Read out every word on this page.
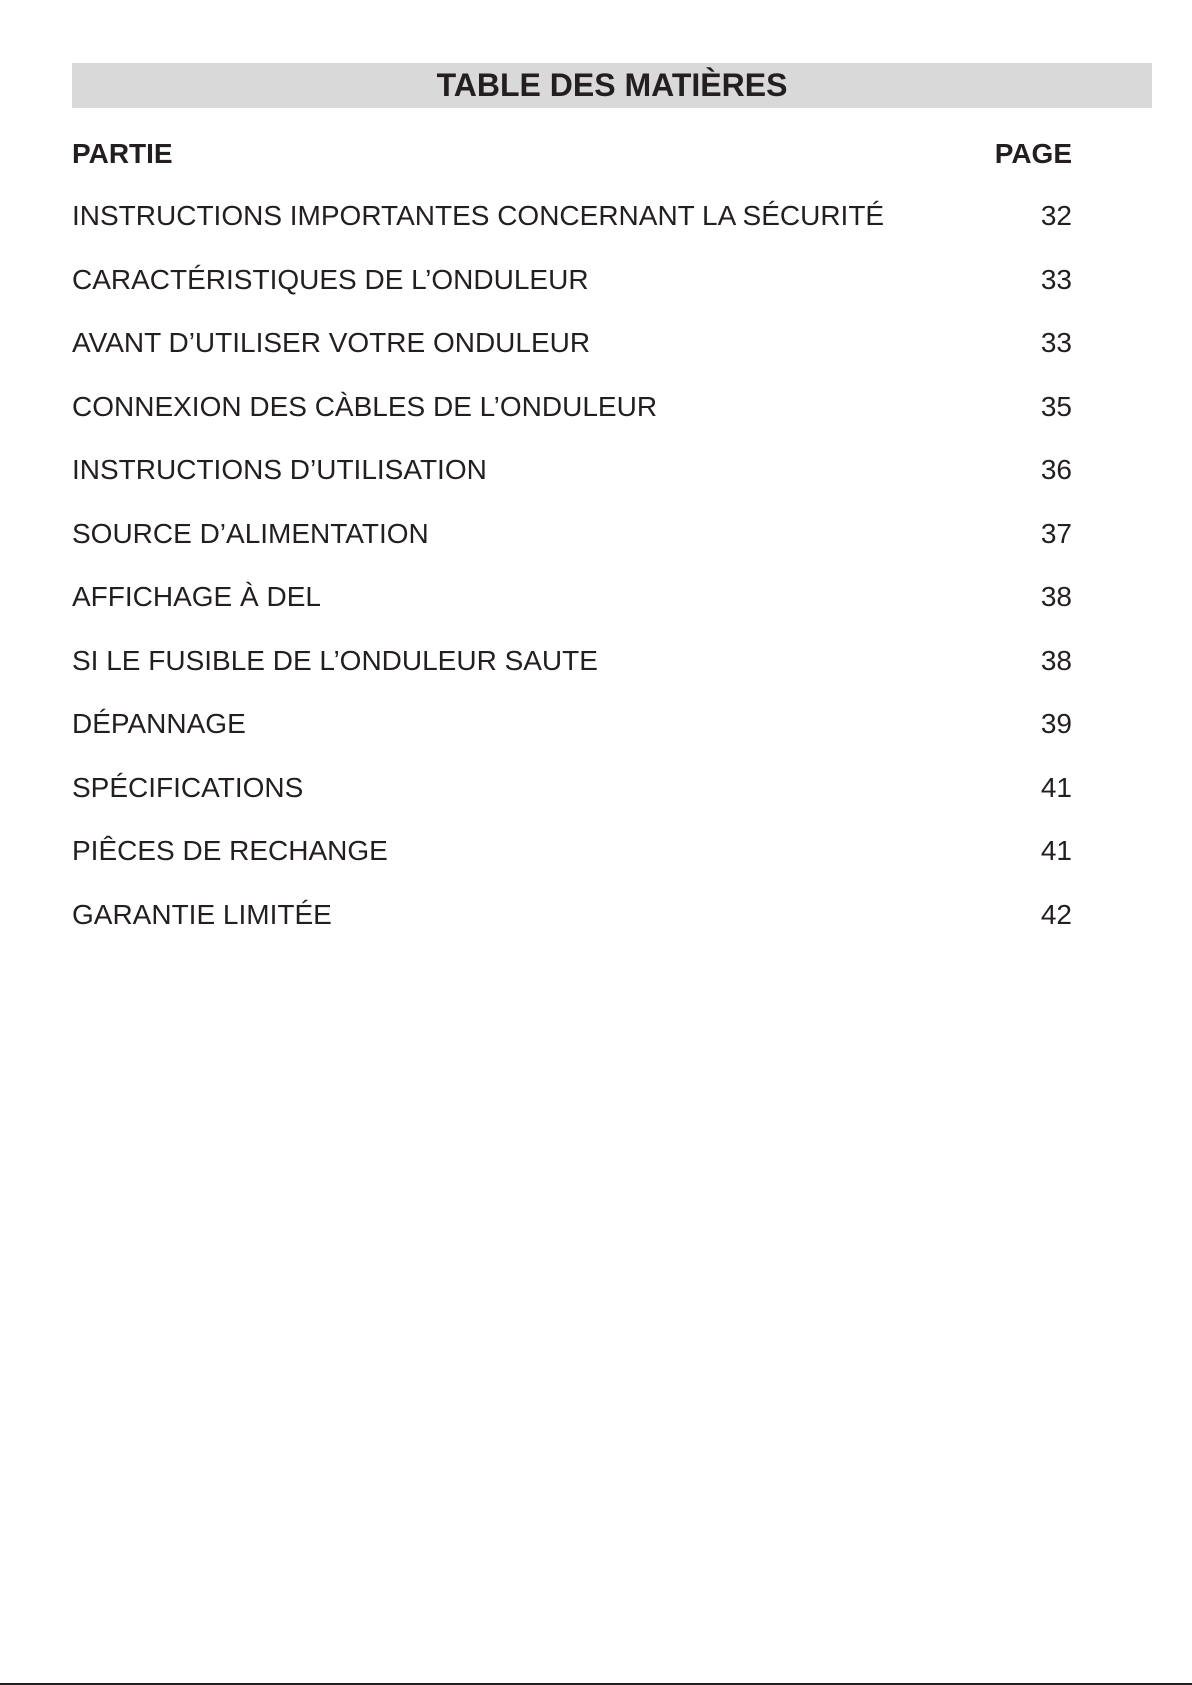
TABLE DES MATIÈRES
PARTIE	PAGE
INSTRUCTIONS IMPORTANTES CONCERNANT LA SÉCURITÉ	32
CARACTÉRISTIQUES DE L’ONDULEUR	33
AVANT D’UTILISER VOTRE ONDULEUR	33
CONNEXION DES CÀBLES DE L’ONDULEUR	35
INSTRUCTIONS D’UTILISATION	36
SOURCE D’ALIMENTATION	37
AFFICHAGE À DEL	38
SI LE FUSIBLE DE L’ONDULEUR SAUTE	38
DÉPANNAGE	39
SPÉCIFICATIONS	41
PIÊCES DE RECHANGE	41
GARANTIE LIMITÉE	42
